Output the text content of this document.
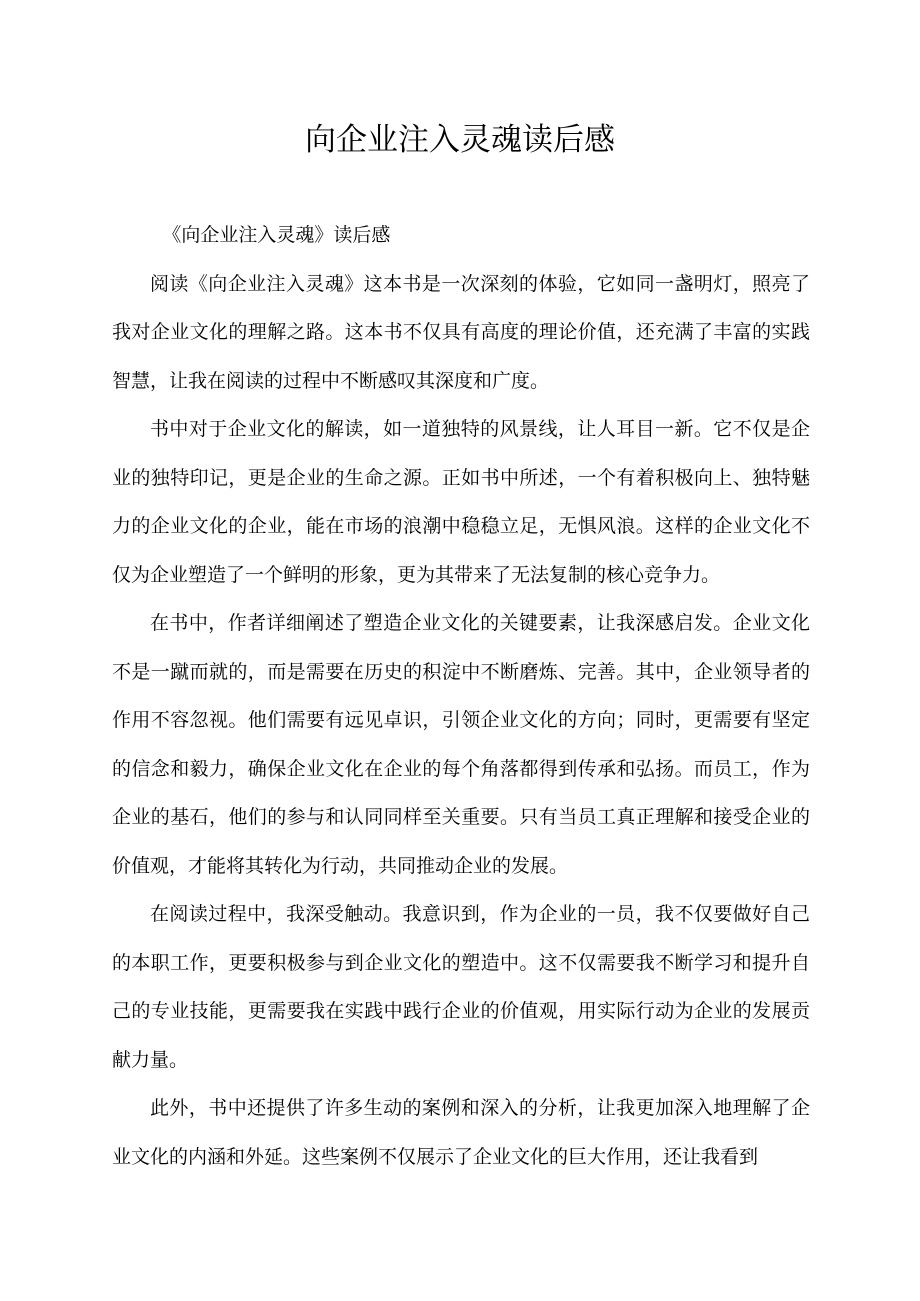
向企业注入灵魂读后感

《向企业注入灵魂》读后感

阅读《向企业注入灵魂》这本书是一次深刻的体验，它如同一盏明灯，照亮了我对企业文化的理解之路。这本书不仅具有高度的理论价值，还充满了丰富的实践智慧，让我在阅读的过程中不断感叹其深度和广度。

书中对于企业文化的解读，如一道独特的风景线，让人耳目一新。它不仅是企业的独特印记，更是企业的生命之源。正如书中所述，一个有着积极向上、独特魅力的企业文化的企业，能在市场的浪潮中稳稳立足，无惧风浪。这样的企业文化不仅为企业塑造了一个鲜明的形象，更为其带来了无法复制的核心竞争力。

在书中，作者详细阐述了塑造企业文化的关键要素，让我深感启发。企业文化不是一蹴而就的，而是需要在历史的积淀中不断磨炼、完善。其中，企业领导者的作用不容忽视。他们需要有远见卓识，引领企业文化的方向；同时，更需要有坚定的信念和毅力，确保企业文化在企业的每个角落都得到传承和弘扬。而员工，作为企业的基石，他们的参与和认同同样至关重要。只有当员工真正理解和接受企业的价值观，才能将其转化为行动，共同推动企业的发展。

在阅读过程中，我深受触动。我意识到，作为企业的一员，我不仅要做好自己的本职工作，更要积极参与到企业文化的塑造中。这不仅需要我不断学习和提升自己的专业技能，更需要我在实践中践行企业的价值观，用实际行动为企业的发展贡献力量。

此外，书中还提供了许多生动的案例和深入的分析，让我更加深入地理解了企业文化的内涵和外延。这些案例不仅展示了企业文化的巨大作用，还让我看到
